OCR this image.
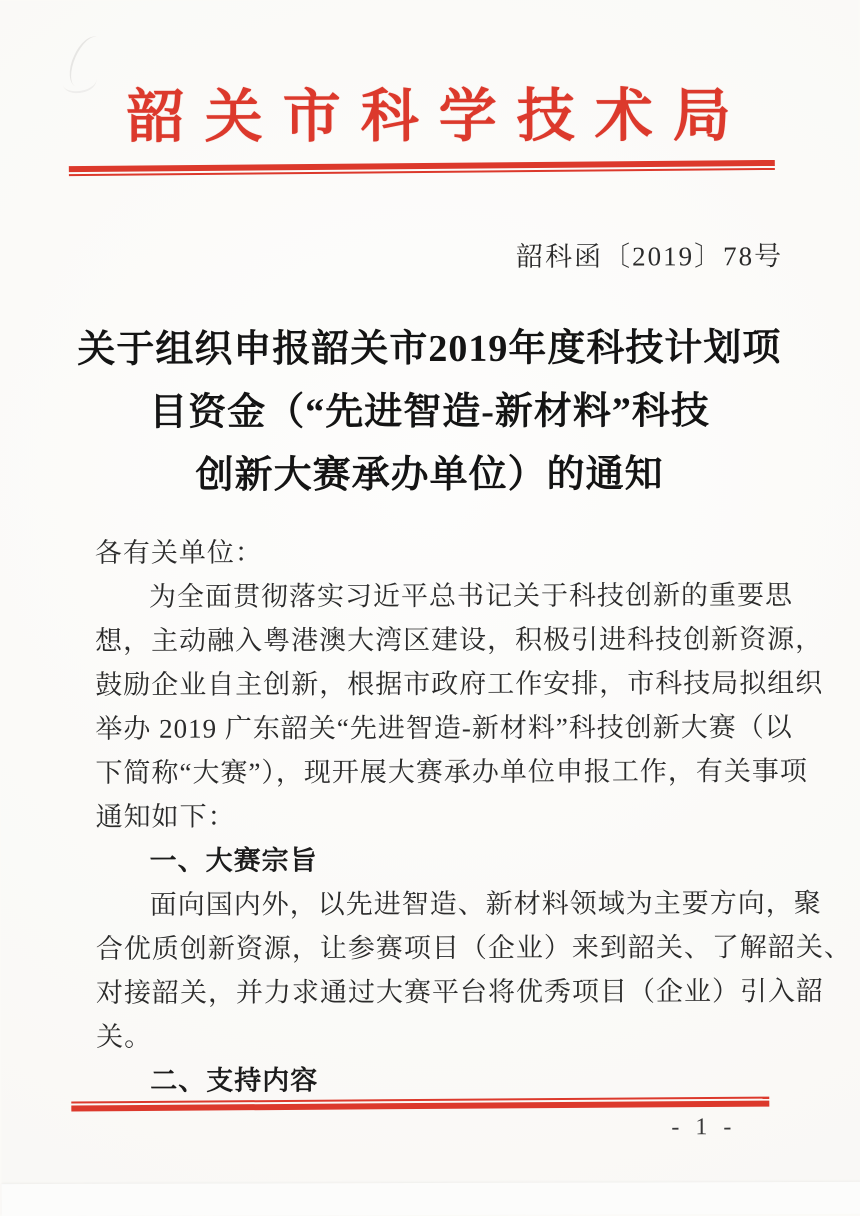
韶关市科学技术局
韶科函〔2019〕78号
关于组织申报韶关市2019年度科技计划项
目资金（“先进智造-新材料”科技
创新大赛承办单位）的通知
各有关单位：
为全面贯彻落实习近平总书记关于科技创新的重要思
想，主动融入粤港澳大湾区建设，积极引进科技创新资源，
鼓励企业自主创新，根据市政府工作安排，市科技局拟组织
举办 2019 广东韶关“先进智造-新材料”科技创新大赛（以
下简称“大赛”），现开展大赛承办单位申报工作，有关事项
通知如下：
一、大赛宗旨
面向国内外，以先进智造、新材料领域为主要方向，聚
合优质创新资源，让参赛项目（企业）来到韶关、了解韶关、
对接韶关，并力求通过大赛平台将优秀项目（企业）引入韶
关。
二、支持内容
- 1 -
